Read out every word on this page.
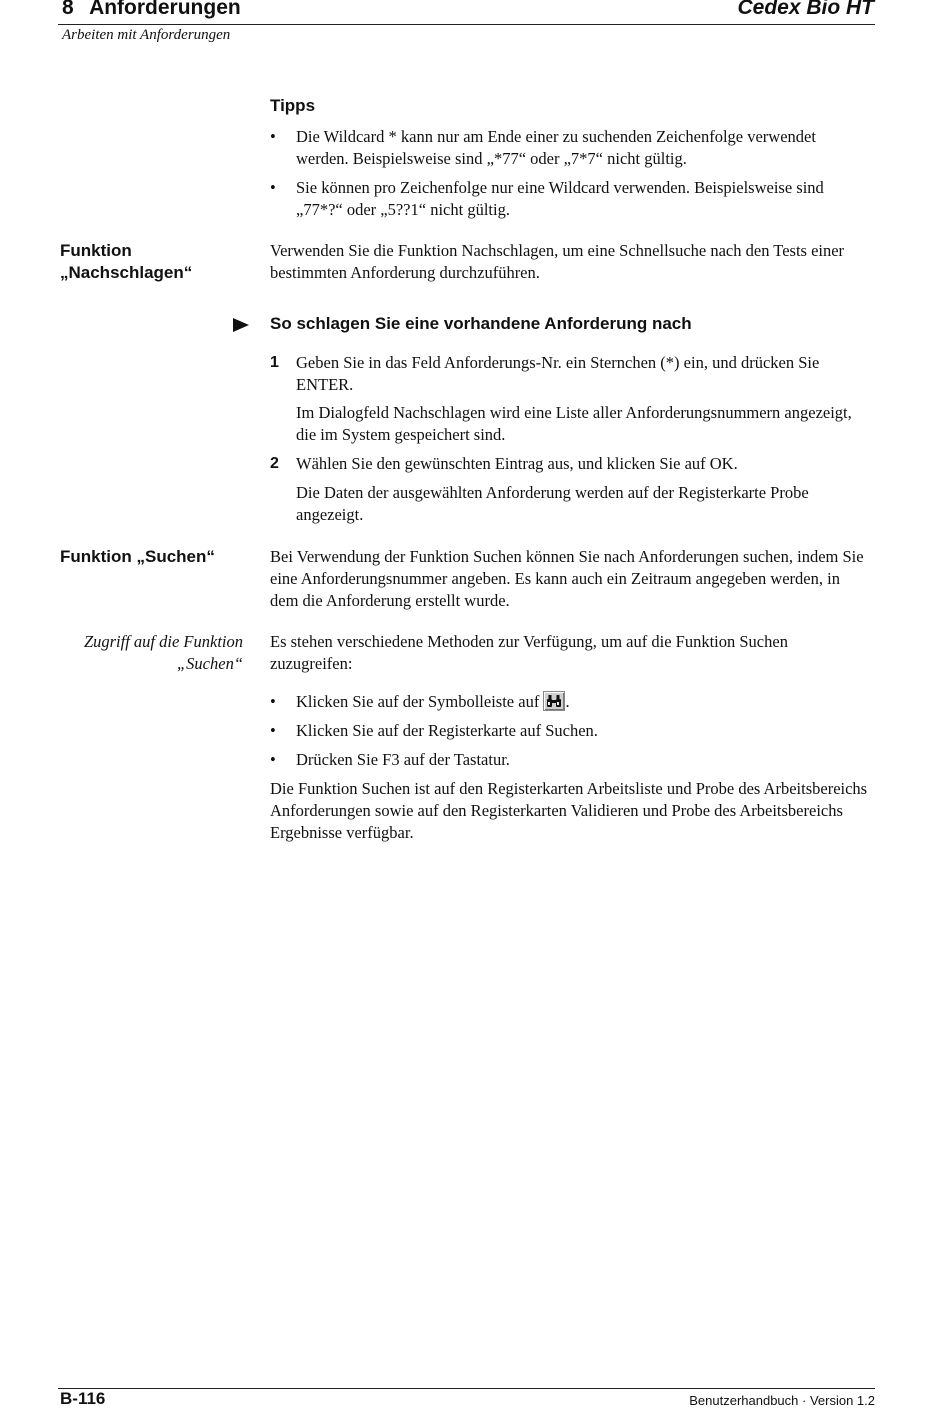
8 Anforderungen	Cedex Bio HT
Arbeiten mit Anforderungen
Tipps
•	Die Wildcard * kann nur am Ende einer zu suchenden Zeichenfolge verwendet werden. Beispielsweise sind „*77“ oder „7*7“ nicht gültig.
•	Sie können pro Zeichenfolge nur eine Wildcard verwenden. Beispielsweise sind „77*?“ oder „5??1“ nicht gültig.
Funktion
„Nachschlagen“
Verwenden Sie die Funktion Nachschlagen, um eine Schnellsuche nach den Tests einer bestimmten Anforderung durchzuführen.
So schlagen Sie eine vorhandene Anforderung nach
1 Geben Sie in das Feld Anforderungs-Nr. ein Sternchen (*) ein, und drücken Sie ENTER.
Im Dialogfeld Nachschlagen wird eine Liste aller Anforderungsnummern angezeigt, die im System gespeichert sind.
2 Wählen Sie den gewünschten Eintrag aus, und klicken Sie auf OK.
Die Daten der ausgewählten Anforderung werden auf der Registerkarte Probe angezeigt.
Funktion „Suchen“	Bei Verwendung der Funktion Suchen können Sie nach Anforderungen suchen, indem Sie eine Anforderungsnummer angeben. Es kann auch ein Zeitraum angegeben werden, in dem die Anforderung erstellt wurde.
Zugriff auf die Funktion
„Suchen“
Es stehen verschiedene Methoden zur Verfügung, um auf die Funktion Suchen zuzugreifen:
•	Klicken Sie auf der Symbolleiste auf .
•	Klicken Sie auf der Registerkarte auf Suchen.
•	Drücken Sie F3 auf der Tastatur.
Die Funktion Suchen ist auf den Registerkarten Arbeitsliste und Probe des Arbeitsbereichs Anforderungen sowie auf den Registerkarten Validieren und Probe des Arbeitsbereichs Ergebnisse verfügbar.
B-116	Benutzerhandbuch · Version 1.2
